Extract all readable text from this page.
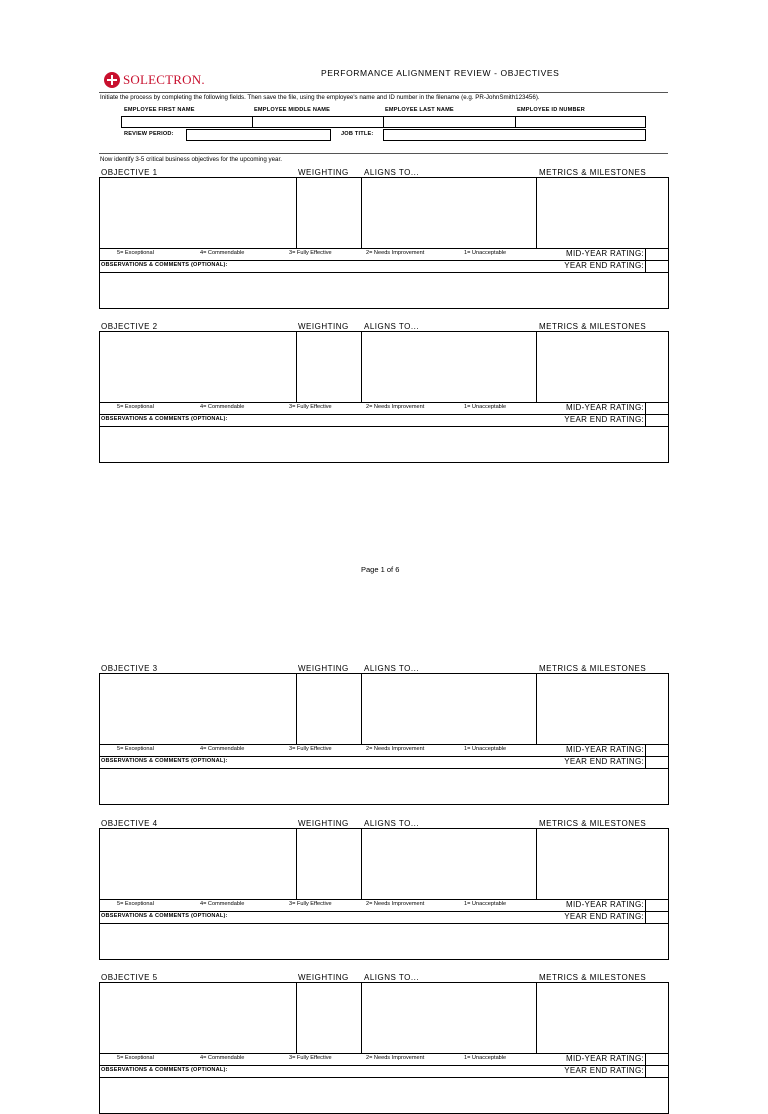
SOLECTRON.	PERFORMANCE ALIGNMENT REVIEW - OBJECTIVES
Initiate the process by completing the following fields. Then save the file, using the employee's name and ID number in the filename (e.g. PR-JohnSmith123456).
EMPLOYEE FIRST NAME	EMPLOYEE MIDDLE NAME	EMPLOYEE LAST NAME	EMPLOYEE ID NUMBER
REVIEW PERIOD:	JOB TITLE:
Now identify 3-5 critical business objectives for the upcoming year.
OBJECTIVE 1	WEIGHTING ALIGNS TO...	METRICS & MILESTONES
5= Exceptional	4= Commendable	3= Fully Effective	2= Needs Improvement	1= Unacceptable	MID-YEAR RATING:
OBSERVATIONS & COMMENTS (OPTIONAL):	YEAR END RATING:
OBJECTIVE 2	WEIGHTING ALIGNS TO...	METRICS & MILESTONES
5= Exceptional	4= Commendable	3= Fully Effective	2= Needs Improvement	1= Unacceptable	MID-YEAR RATING:
OBSERVATIONS & COMMENTS (OPTIONAL):	YEAR END RATING:
OBJECTIVE 3	WEIGHTING ALIGNS TO...	METRICS & MILESTONES
5= Exceptional	4= Commendable	3= Fully Effective	2= Needs Improvement	1= Unacceptable	MID-YEAR RATING:
OBSERVATIONS & COMMENTS (OPTIONAL):	YEAR END RATING:
OBJECTIVE 4	WEIGHTING ALIGNS TO...	METRICS & MILESTONES
5= Exceptional	4= Commendable	3= Fully Effective	2= Needs Improvement	1= Unacceptable	MID-YEAR RATING:
OBSERVATIONS & COMMENTS (OPTIONAL):	YEAR END RATING:
OBJECTIVE 5	WEIGHTING ALIGNS TO...	METRICS & MILESTONES
5= Exceptional	4= Commendable	3= Fully Effective	2= Needs Improvement	1= Unacceptable	MID-YEAR RATING:
OBSERVATIONS & COMMENTS (OPTIONAL):	YEAR END RATING:
Page 1 of 6
